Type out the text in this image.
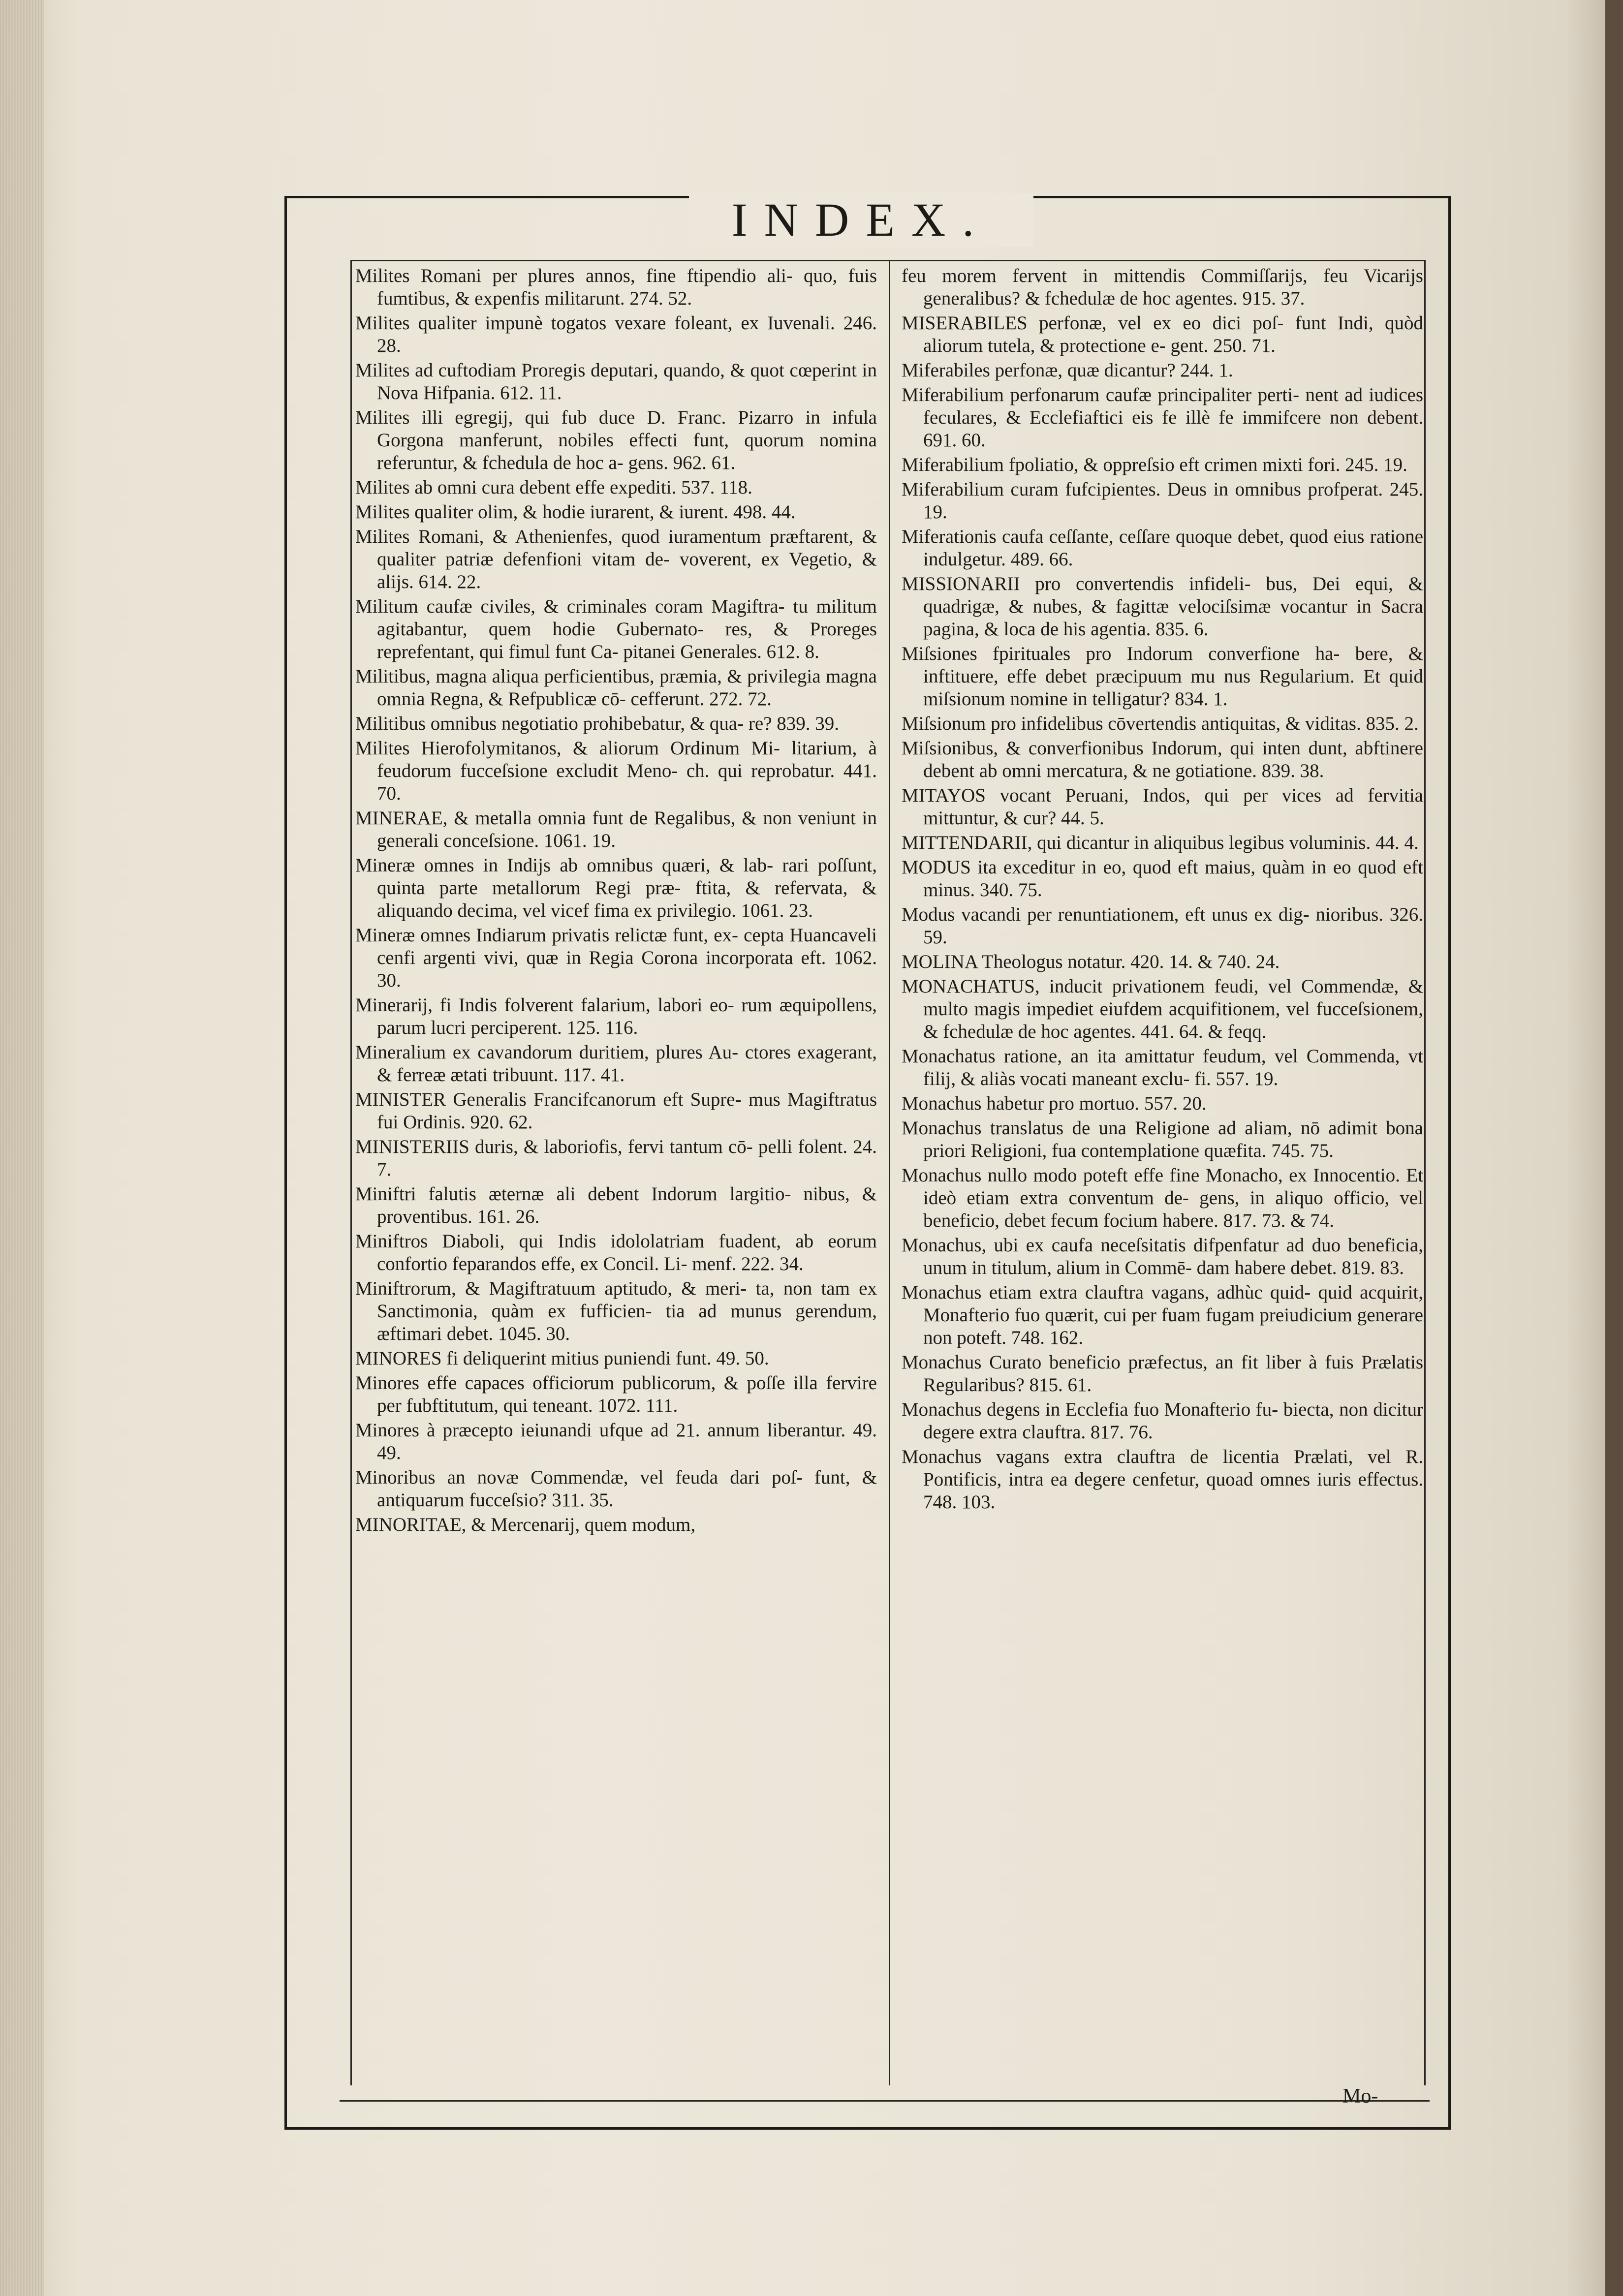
INDEX.

Milites Romani per plures annos, fine ftipendio ali- quo, fuis fumtibus, & expenfis militarunt. 274. 52.

Milites qualiter impunè togatos vexare foleant, ex Iuvenali. 246. 28.

Milites ad cuftodiam Proregis deputari, quando, & quot cœperint in Nova Hifpania. 612. 11.

Milites illi egregij, qui fub duce D. Franc. Pizarro in infula Gorgona manferunt, nobiles effecti funt, quorum nomina referuntur, & fchedula de hoc a- gens. 962. 61.

Milites ab omni cura debent effe expediti. 537. 118.

Milites qualiter olim, & hodie iurarent, & iurent. 498. 44.

Milites Romani, & Athenienfes, quod iuramentum præftarent, & qualiter patriæ defenfioni vitam de- voverent, ex Vegetio, & alijs. 614. 22.

Militum caufæ civiles, & criminales coram Magiftra- tu militum agitabantur, quem hodie Gubernato- res, & Proreges reprefentant, qui fimul funt Ca- pitanei Generales. 612. 8.

Militibus, magna aliqua perficientibus, præmia, & privilegia magna omnia Regna, & Refpublicæ cō- cefferunt. 272. 72.

Militibus omnibus negotiatio prohibebatur, & qua- re? 839. 39.

Milites Hierofolymitanos, & aliorum Ordinum Mi- litarium, à feudorum fucceſsione excludit Meno- ch. qui reprobatur. 441. 70.

MINERAE, & metalla omnia funt de Regalibus, & non veniunt in generali conceſsione. 1061. 19.

Mineræ omnes in Indijs ab omnibus quæri, & lab- rari poſſunt, quinta parte metallorum Regi præ- ftita, & refervata, & aliquando decima, vel vicef fima ex privilegio. 1061. 23.

Mineræ omnes Indiarum privatis relictæ funt, ex- cepta Huancaveli cenfi argenti vivi, quæ in Regia Corona incorporata eft. 1062. 30.

Minerarij, fi Indis folverent falarium, labori eo- rum æquipollens, parum lucri perciperent. 125. 116.

Mineralium ex cavandorum duritiem, plures Au- ctores exagerant, & ferreæ ætati tribuunt. 117. 41.

MINISTER Generalis Francifcanorum eft Supre- mus Magiftratus fui Ordinis. 920. 62.

MINISTERIIS duris, & laboriofis, fervi tantum cō- pelli folent. 24. 7.

Miniftri falutis æternæ ali debent Indorum largitio- nibus, & proventibus. 161. 26.

Miniftros Diaboli, qui Indis idololatriam fuadent, ab eorum confortio feparandos effe, ex Concil. Li- menf. 222. 34.

Miniftrorum, & Magiftratuum aptitudo, & meri- ta, non tam ex Sanctimonia, quàm ex fufficien- tia ad munus gerendum, æftimari debet. 1045. 30.

MINORES fi deliquerint mitius puniendi funt. 49. 50.

Minores effe capaces officiorum publicorum, & poſſe illa fervire per fubftitutum, qui teneant. 1072. 111.

Minores à præcepto ieiunandi ufque ad 21. annum liberantur. 49. 49.

Minoribus an novæ Commendæ, vel feuda dari poſ- funt, & antiquarum fucceſsio? 311. 35.

MINORITAE, & Mercenarij, quem modum,

feu morem fervent in mittendis Commiſſarijs, feu Vicarijs generalibus? & fchedulæ de hoc agentes. 915. 37.

MISERABILES perfonæ, vel ex eo dici poſ- funt Indi, quòd aliorum tutela, & protectione e- gent. 250. 71.

Miferabiles perfonæ, quæ dicantur? 244. 1.

Miferabilium perfonarum caufæ principaliter perti- nent ad iudices feculares, & Ecclefiaftici eis fe illè fe immifcere non debent. 691. 60.

Miferabilium fpoliatio, & oppreſsio eft crimen mixti fori. 245. 19.

Miferabilium curam fufcipientes. Deus in omnibus profperat. 245. 19.

Miferationis caufa ceſſante, ceſſare quoque debet, quod eius ratione indulgetur. 489. 66.

MISSIONARII pro convertendis infideli- bus, Dei equi, & quadrigæ, & nubes, & fagittæ velociſsimæ vocantur in Sacra pagina, & loca de his agentia. 835. 6.

Miſsiones fpirituales pro Indorum converfione ha- bere, & inftituere, effe debet præcipuum mu nus Regularium. Et quid miſsionum nomine in telligatur? 834. 1.

Miſsionum pro infidelibus cōvertendis antiquitas, & viditas. 835. 2.

Miſsionibus, & converfionibus Indorum, qui inten dunt, abftinere debent ab omni mercatura, & ne gotiatione. 839. 38.

MITAYOS vocant Peruani, Indos, qui per vices ad fervitia mittuntur, & cur? 44. 5.

MITTENDARII, qui dicantur in aliquibus legibus voluminis. 44. 4.

MODUS ita exceditur in eo, quod eft maius, quàm in eo quod eft minus. 340. 75.

Modus vacandi per renuntiationem, eft unus ex dig- nioribus. 326. 59.

MOLINA Theologus notatur. 420. 14. & 740. 24.

MONACHATUS, inducit privationem feudi, vel Commendæ, & multo magis impediet eiufdem acquifitionem, vel fucceſsionem, & fchedulæ de hoc agentes. 441. 64. & feqq.

Monachatus ratione, an ita amittatur feudum, vel Commenda, vt filij, & aliàs vocati maneant exclu- fi. 557. 19.

Monachus habetur pro mortuo. 557. 20.

Monachus translatus de una Religione ad aliam, nō adimit bona priori Religioni, fua contemplatione quæfita. 745. 75.

Monachus nullo modo poteft effe fine Monacho, ex Innocentio. Et ideò etiam extra conventum de- gens, in aliquo officio, vel beneficio, debet fecum focium habere. 817. 73. & 74.

Monachus, ubi ex caufa neceſsitatis difpenfatur ad duo beneficia, unum in titulum, alium in Commē- dam habere debet. 819. 83.

Monachus etiam extra clauftra vagans, adhùc quid- quid acquirit, Monafterio fuo quærit, cui per fuam fugam preiudicium generare non poteft. 748. 162.

Monachus Curato beneficio præfectus, an fit liber à fuis Prælatis Regularibus? 815. 61.

Monachus degens in Ecclefia fuo Monafterio fu- biecta, non dicitur degere extra clauftra. 817. 76.

Monachus vagans extra clauftra de licentia Prælati, vel R. Pontificis, intra ea degere cenfetur, quoad omnes iuris effectus. 748. 103.

Mo-
